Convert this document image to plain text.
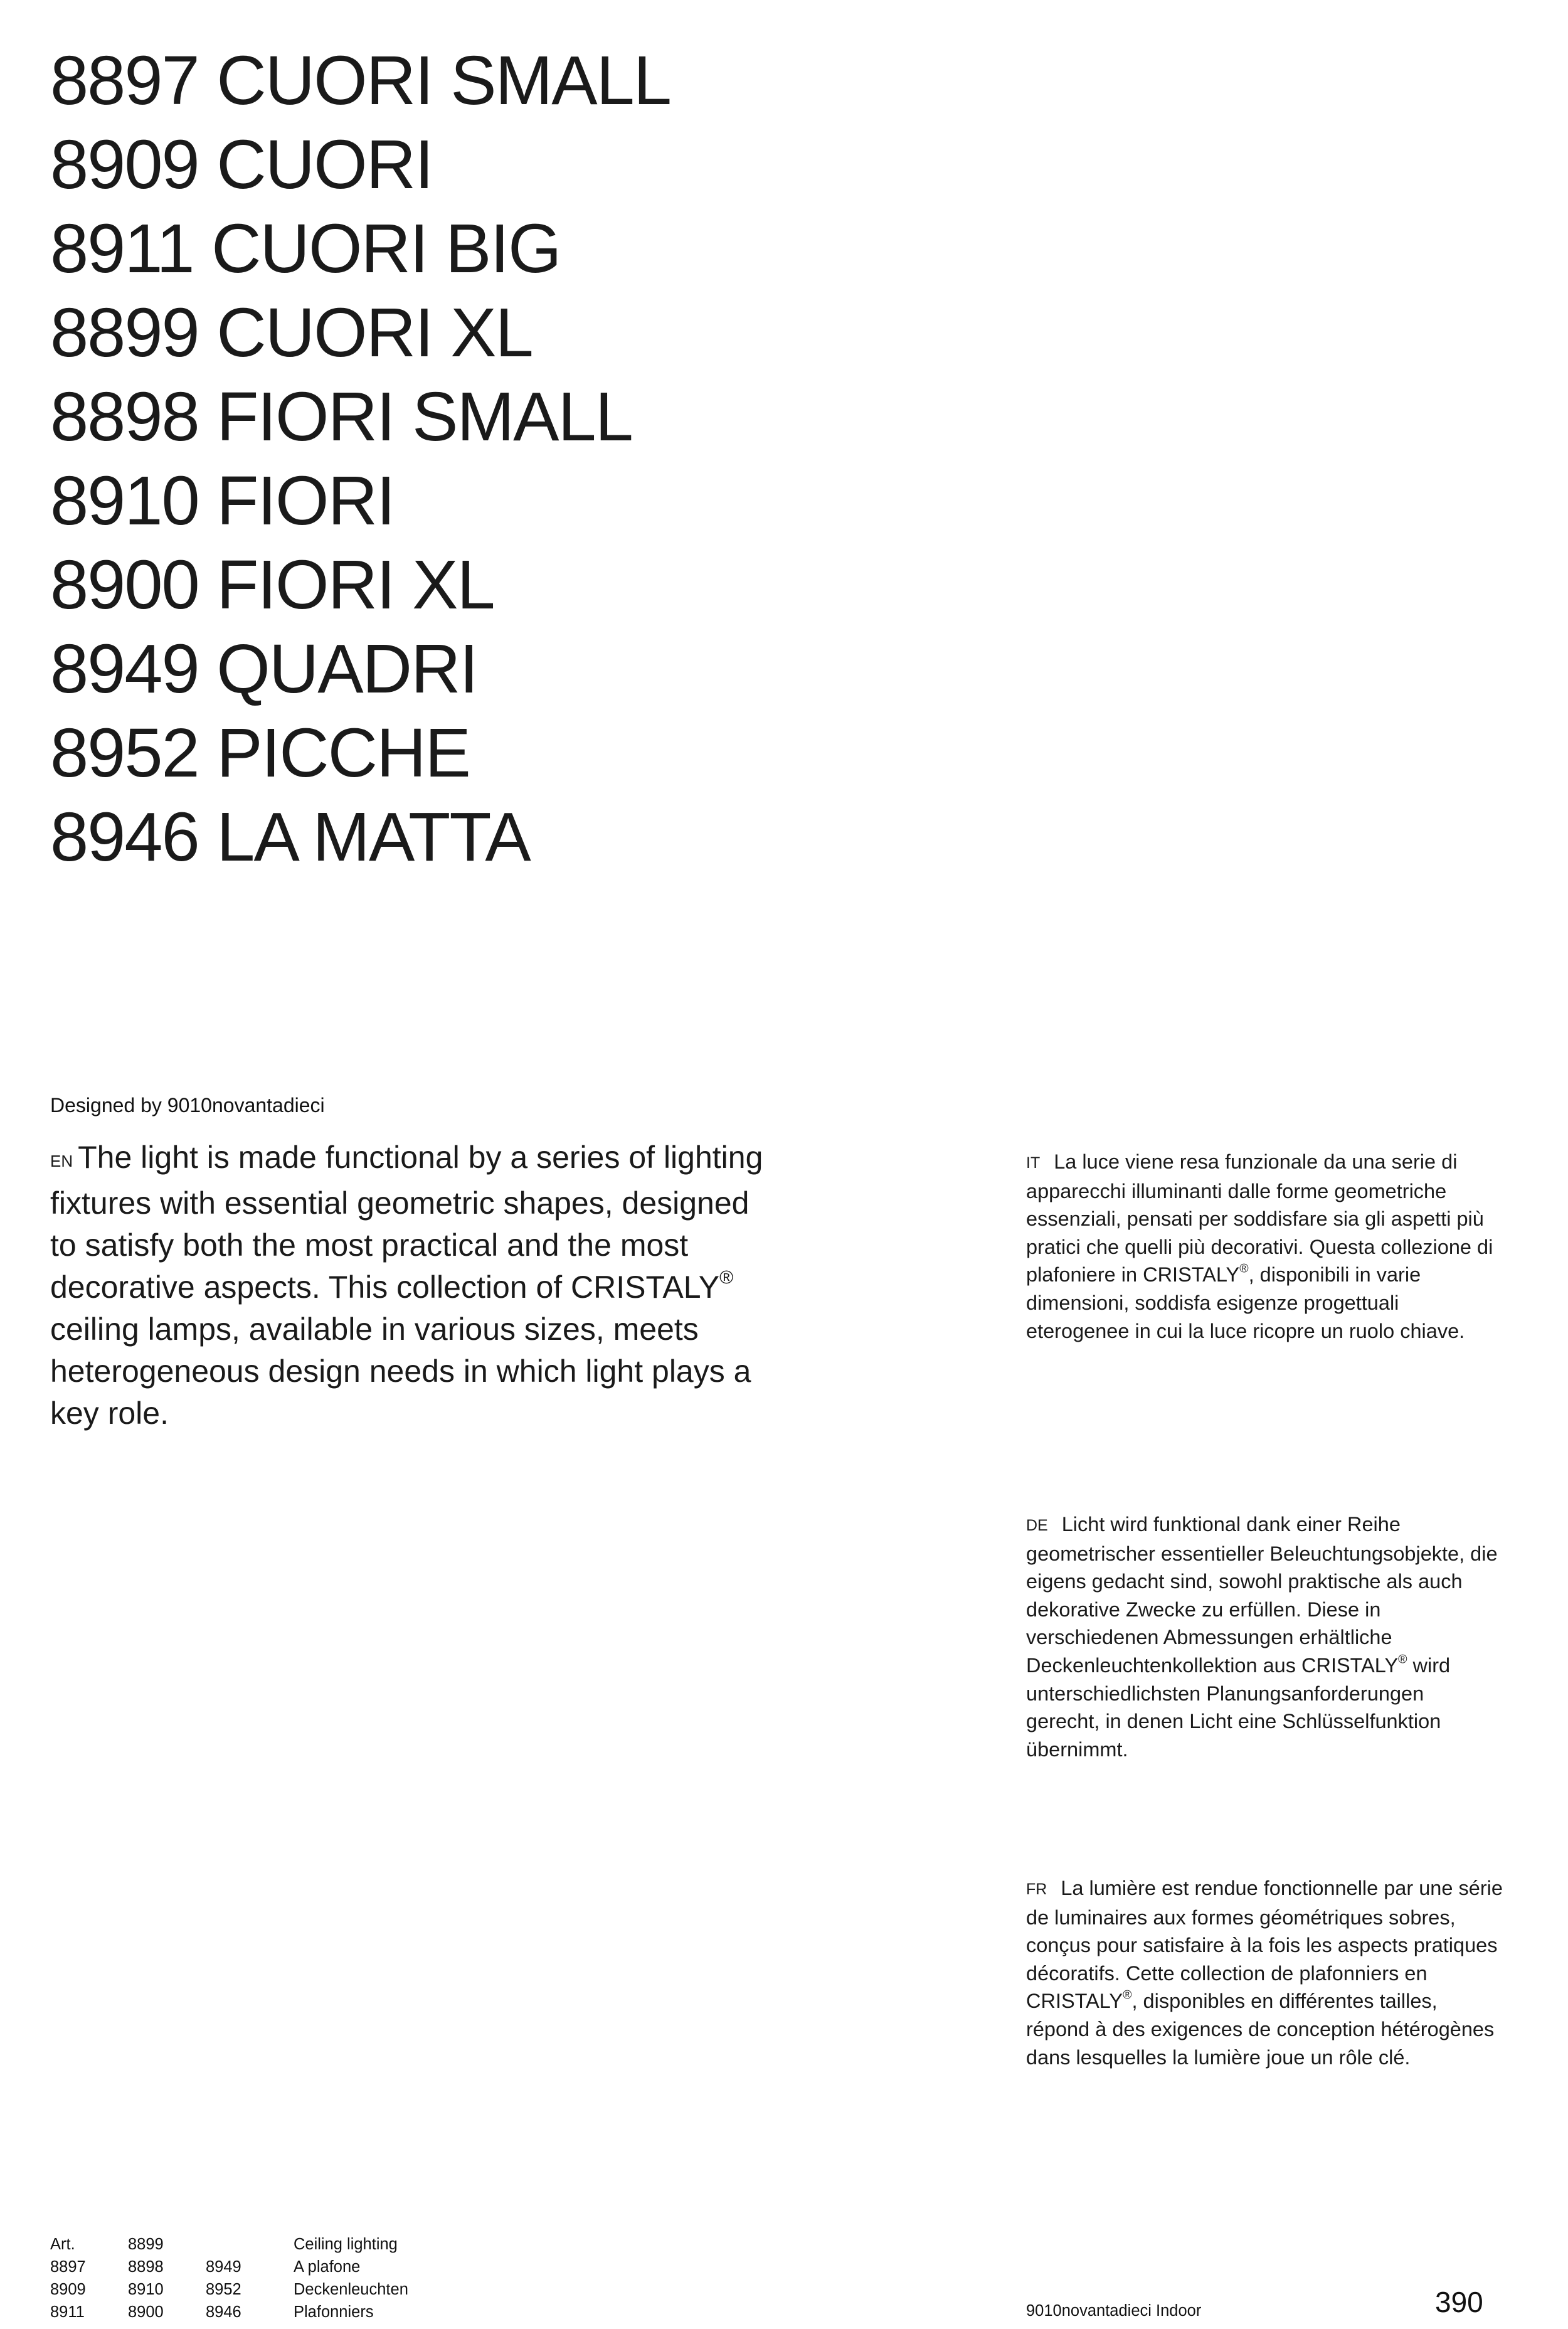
8897 CUORI SMALL
8909 CUORI
8911 CUORI BIG
8899 CUORI XL
8898 FIORI SMALL
8910 FIORI
8900 FIORI XL
8949 QUADRI
8952 PICCHE
8946 LA MATTA
Designed by 9010novantadieci
EN The light is made functional by a series of lighting fixtures with essential geometric shapes, designed to satisfy both the most practical and the most decorative aspects. This collection of CRISTALY® ceiling lamps, available in various sizes, meets heterogeneous design needs in which light plays a key role.
IT La luce viene resa funzionale da una serie di apparecchi illuminanti dalle forme geometriche essenziali, pensati per soddisfare sia gli aspetti più pratici che quelli più decorativi. Questa collezione di plafoniere in CRISTALY®, disponibili in varie dimensioni, soddisfa esigenze progettuali eterogenee in cui la luce ricopre un ruolo chiave.
DE Licht wird funktional dank einer Reihe geometrischer essentieller Beleuchtungsobjekte, die eigens gedacht sind, sowohl praktische als auch dekorative Zwecke zu erfüllen. Diese in verschiedenen Abmessungen erhältliche Deckenleuchtenkollektion aus CRISTALY® wird unterschiedlichsten Planungsanforderungen gerecht, in denen Licht eine Schlüsselfunktion übernimmt.
FR La lumière est rendue fonctionnelle par une série de luminaires aux formes géométriques sobres, conçus pour satisfaire à la fois les aspects pratiques décoratifs. Cette collection de plafonniers en CRISTALY®, disponibles en différentes tailles, répond à des exigences de conception hétérogènes dans lesquelles la lumière joue un rôle clé.
Art.	8899		Ceiling lighting
8897	8898	8949	A plafone
8909	8910	8952	Deckenleuchten
8911	8900	8946	Plafonniers	9010novantadieci Indoor	390
